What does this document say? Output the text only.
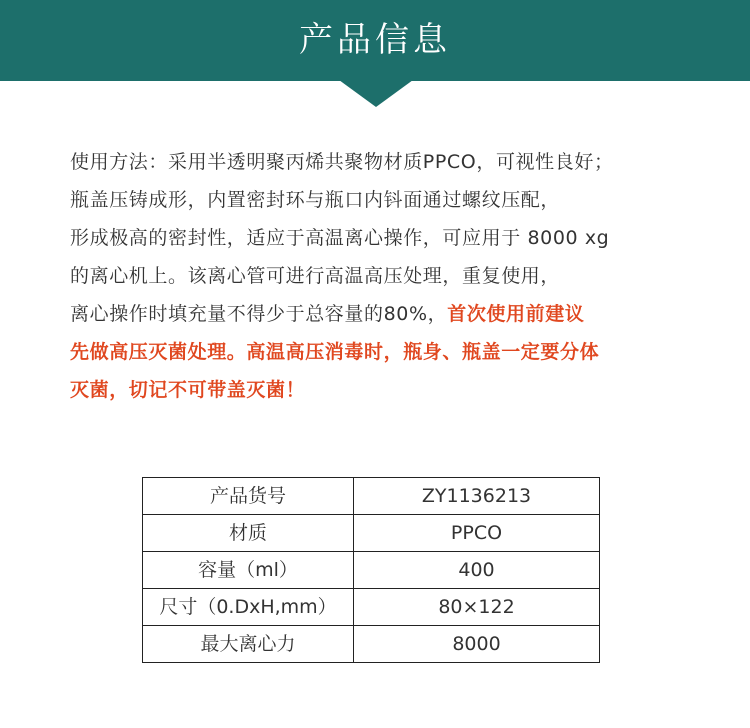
产品信息
使用方法：采用半透明聚丙烯共聚物材质PPCO，可视性良好；
瓶盖压铸成形，内置密封环与瓶口内钭面通过螺纹压配，
形成极高的密封性，适应于高温离心操作，可应用于 8000 xg
的离心机上。该离心管可进行高温高压处理，重复使用，
离心操作时填充量不得少于总容量的80%，首次使用前建议
先做高压灭菌处理。高温高压消毒时，瓶身、瓶盖一定要分体
灭菌，切记不可带盖灭菌！
产品货号	ZY1136213
材质	PPCO
容量（ml）	400
尺寸（0.DxH,mm）	80×122
最大离心力	8000
